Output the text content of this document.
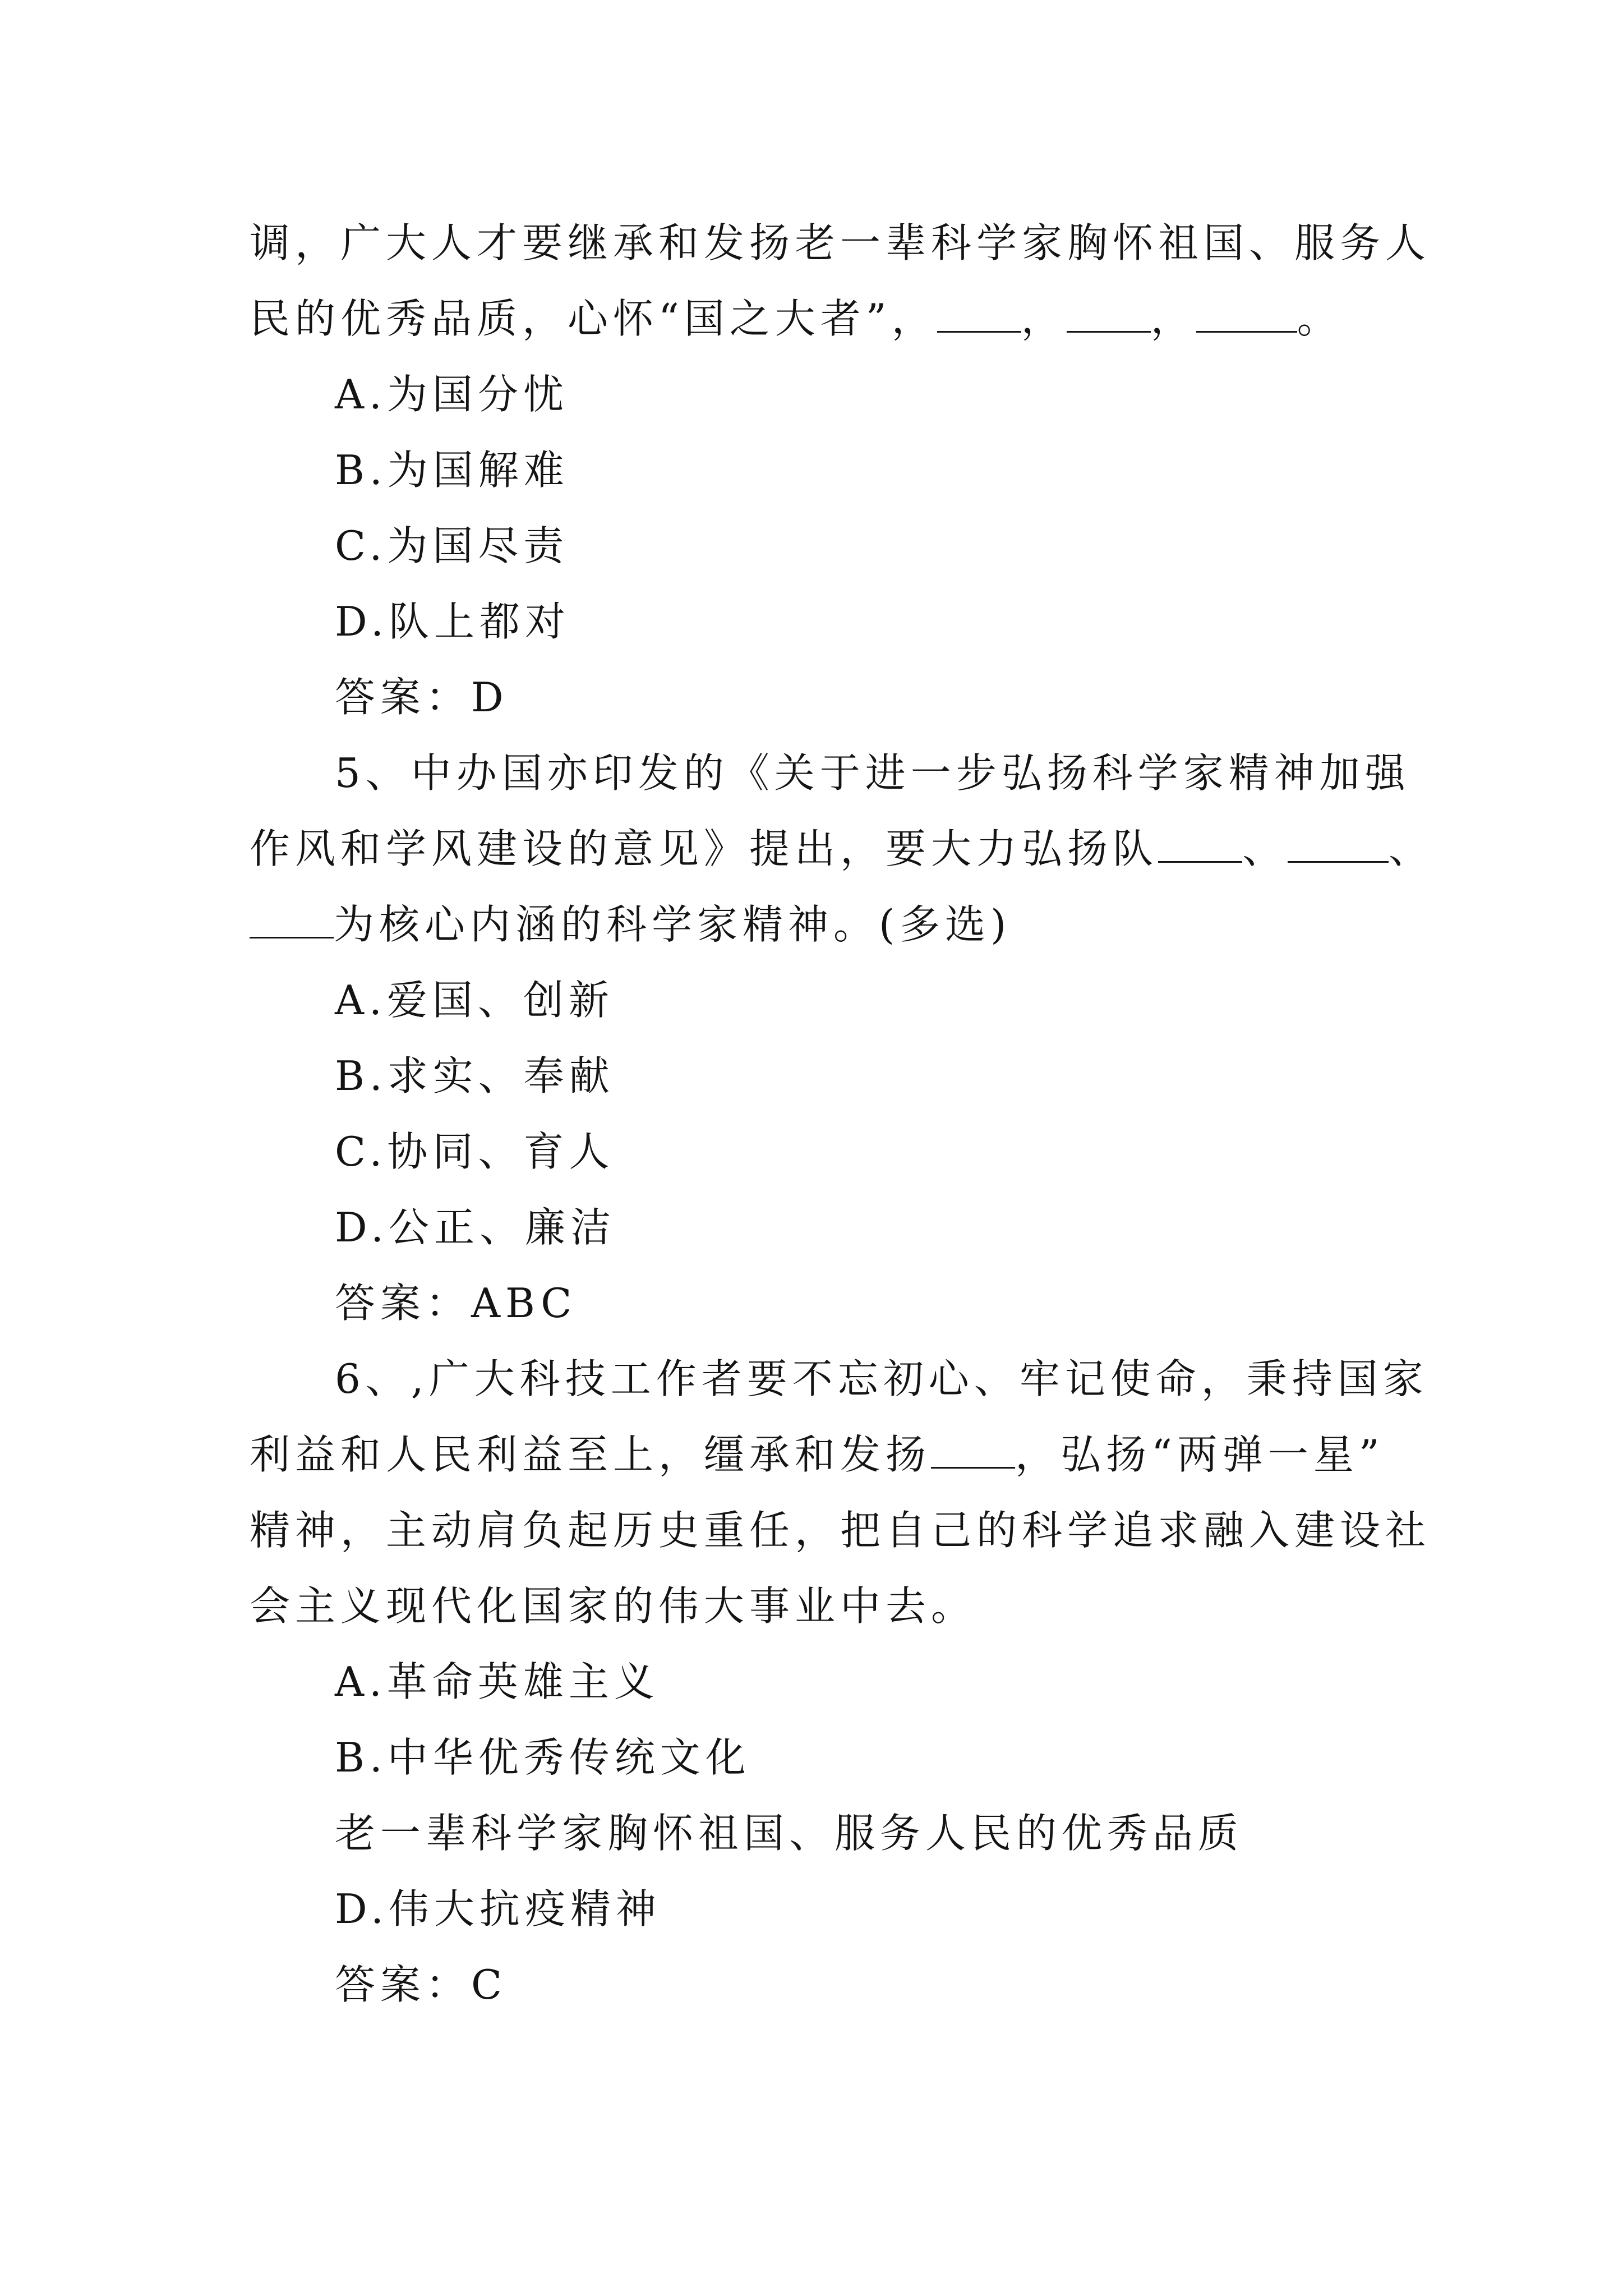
调，广大人才要继承和发扬老一辈科学家胸怀祖国、服务人
民的优秀品质，心怀“国之大者”， ， ，	。
A.为国分忧
B.为国解难
C.为国尽责
D.队上都对
答案：D
5、中办国亦印发的《关于进一步弘扬科学家精神加强
作风和学风建设的意见》提出，要大力弘扬队 、	、
为核心内涵的科学家精神。(多选)
A.爱国、创新
B.求实、奉献
C.协同、育人
D.公正、廉洁
答案：ABC
6、,广大科技工作者要不忘初心、牢记使命，秉持国家
利益和人民利益至上，缰承和发扬 ，弘扬“两弹一星”
精神，主动肩负起历史重任，把自己的科学追求融入建设社
会主义现代化国家的伟大事业中去。
A.革命英雄主义
B.中华优秀传统文化
老一辈科学家胸怀祖国、服务人民的优秀品质
D.伟大抗疫精神
答案：C
